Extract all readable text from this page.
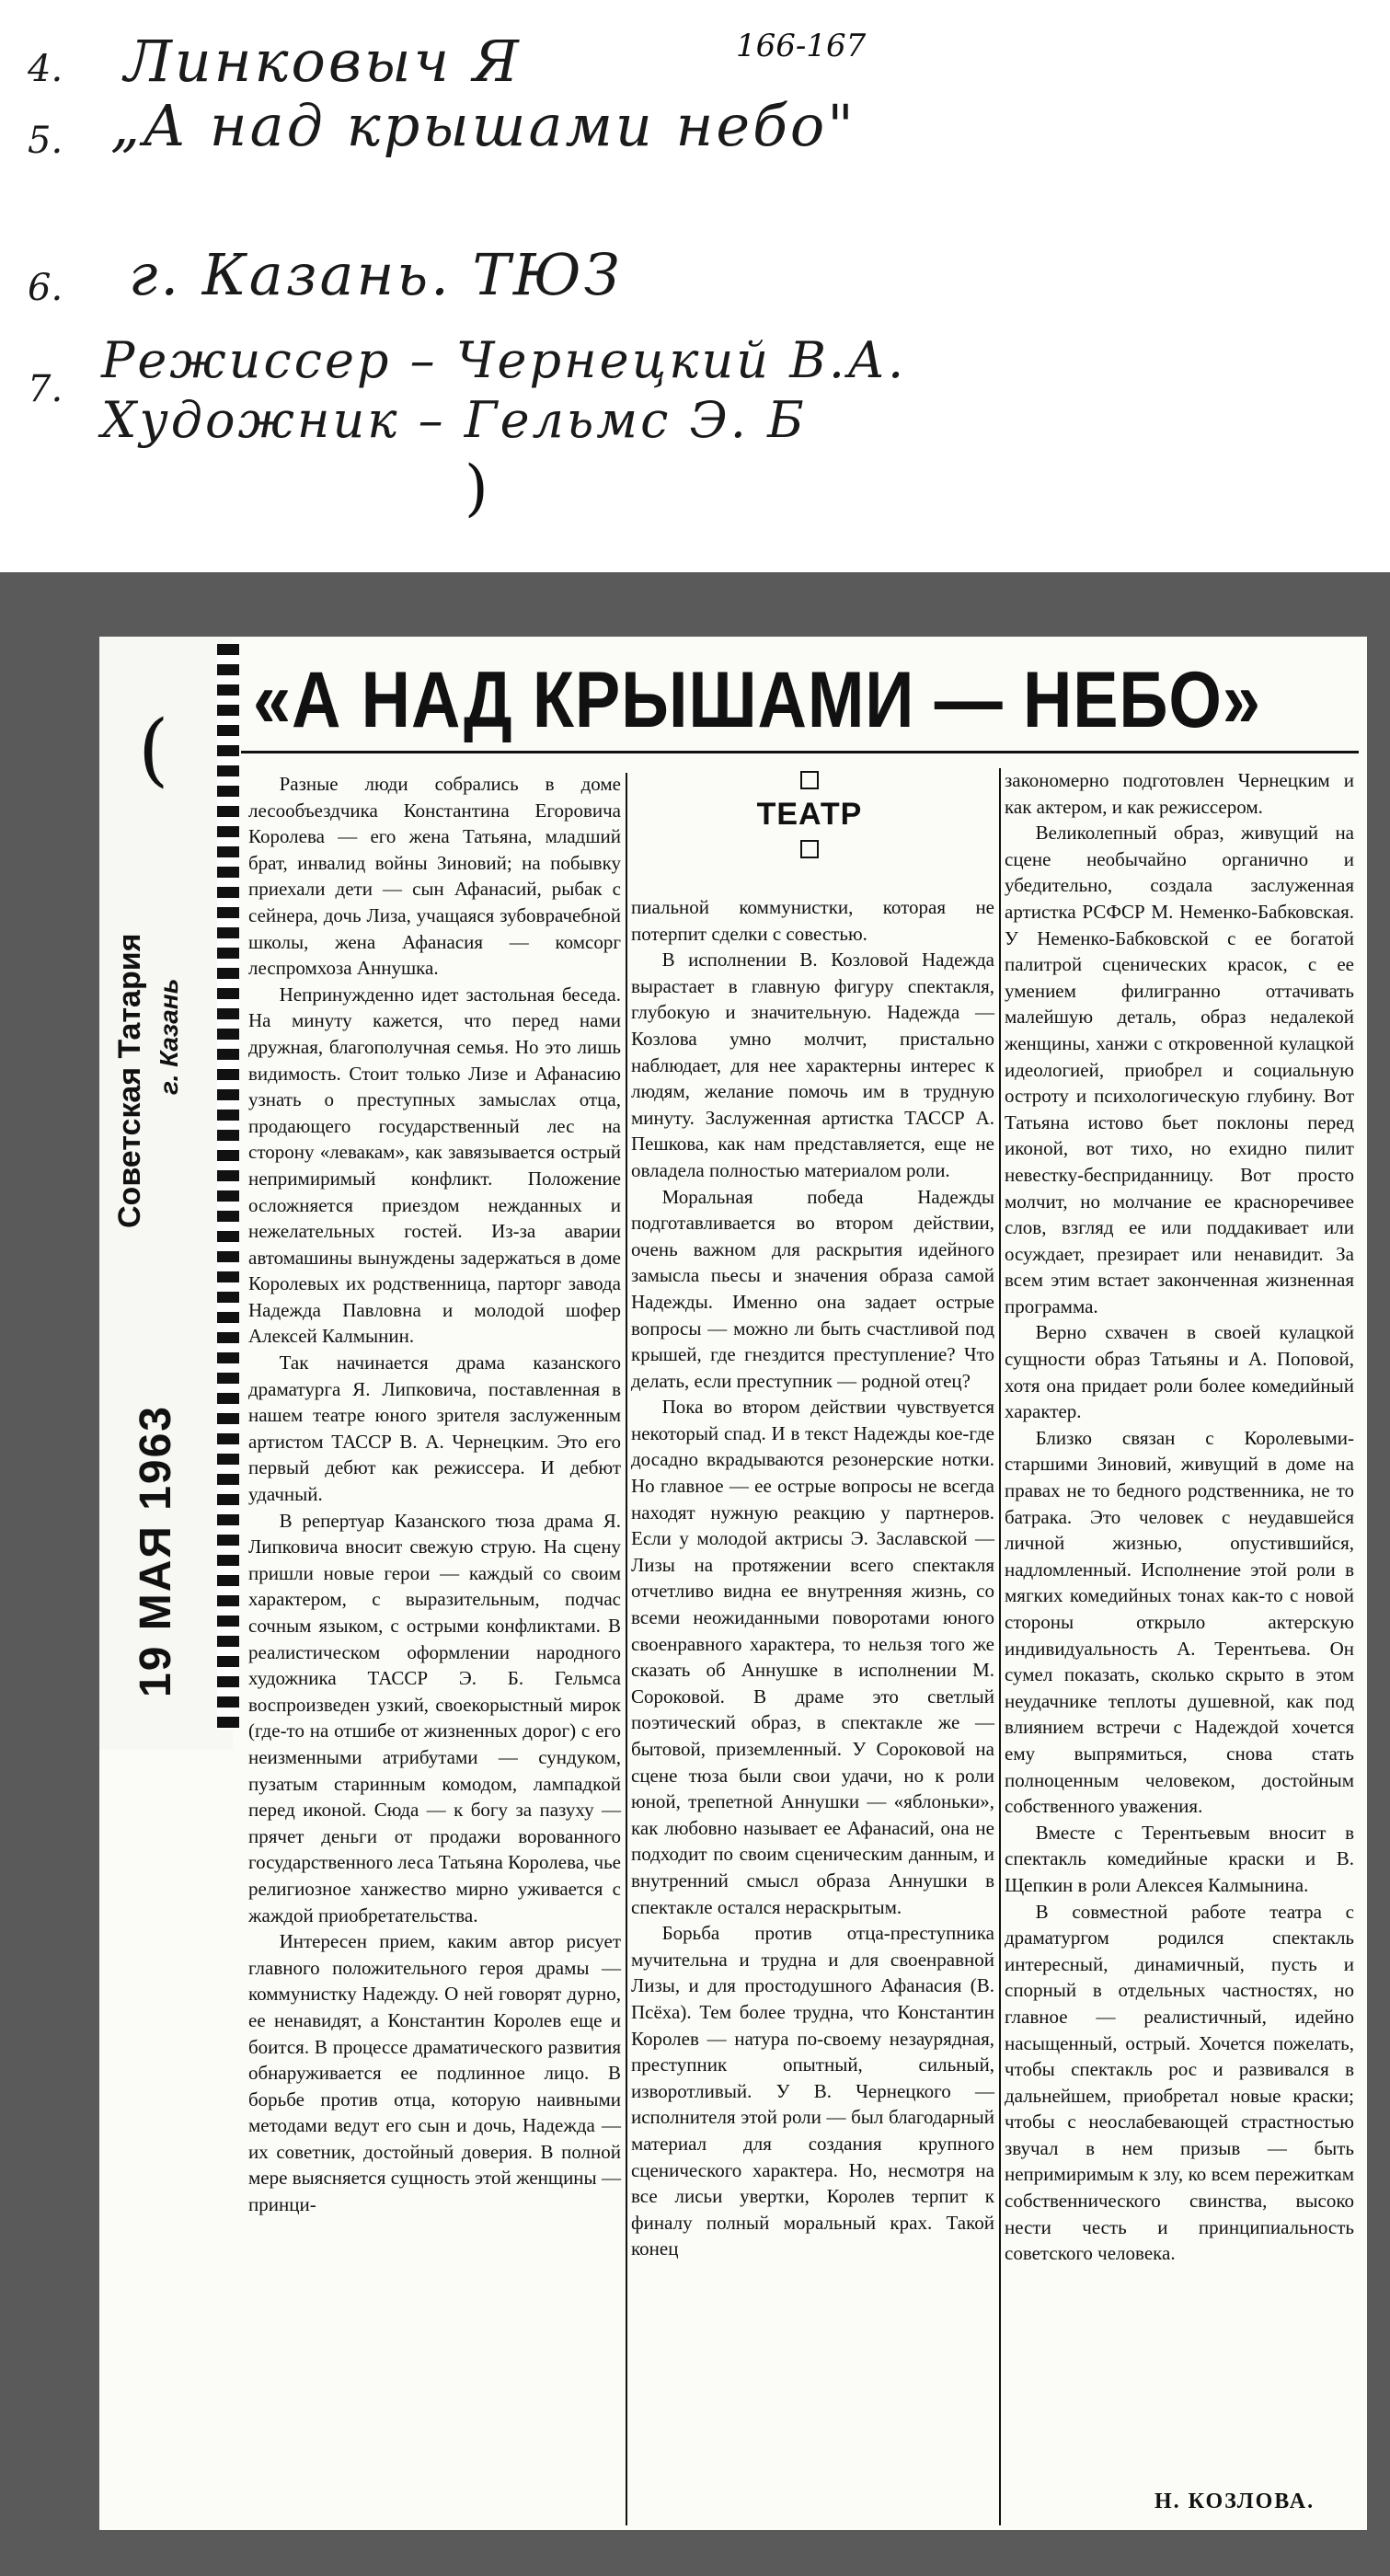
166-167
4. Линковыч Я
5. „А над крышами небо"
6. г. Казань. ТЮЗ
7. Режиссер – Чернецкий В.А.
Художник – Гельмс Э. Б
)
(
Советская Татария г. Казань
19 МАЯ 1963
«А НАД КРЫШАМИ — НЕБО»
ТЕАТР

Разные люди собрались в доме лесообъездчика Константина Егоровича Королева — его жена Татьяна, младший брат, инвалид войны Зиновий; на побывку приехали дети — сын Афанасий, рыбак с сейнера, дочь Лиза, учащаяся зубоврачебной школы, жена Афанасия — комсорг леспромхоза Аннушка.

Непринужденно идет застольная беседа. На минуту кажется, что перед нами дружная, благополучная семья. Но это лишь видимость. Стоит только Лизе и Афанасию узнать о преступных замыслах отца, продающего государственный лес на сторону «левакам», как завязывается острый непримиримый конфликт. Положение осложняется приездом нежданных и нежелательных гостей. Из-за аварии автомашины вынуждены задержаться в доме Королевых их родственница, парторг завода Надежда Павловна и молодой шофер Алексей Калмынин.

Так начинается драма казанского драматурга Я. Липковича, поставленная в нашем театре юного зрителя заслуженным артистом ТАССР В. А. Чернецким. Это его первый дебют как режиссера. И дебют удачный.

В репертуар Казанского тюза драма Я. Липковича вносит свежую струю. На сцену пришли новые герои — каждый со своим характером, с выразительным, подчас сочным языком, с острыми конфликтами. В реалистическом оформлении народного художника ТАССР Э. Б. Гельмса воспроизведен узкий, своекорыстный мирок (где-то на отшибе от жизненных дорог) с его неизменными атрибутами — сундуком, пузатым старинным комодом, лампадкой перед иконой. Сюда — к богу за пазуху — прячет деньги от продажи ворованного государственного леса Татьяна Королева, чье религиозное ханжество мирно уживается с жаждой приобретательства.

Интересен прием, каким автор рисует главного положительного героя драмы — коммунистку Надежду. О ней говорят дурно, ее ненавидят, а Константин Королев еще и боится. В процессе драматического развития обнаруживается ее подлинное лицо. В борьбе против отца, которую наивными методами ведут его сын и дочь, Надежда — их советник, достойный доверия. В полной мере выясняется сущность этой женщины — принци-

пиальной коммунистки, которая не потерпит сделки с совестью.

В исполнении В. Козловой Надежда вырастает в главную фигуру спектакля, глубокую и значительную. Надежда — Козлова умно молчит, пристально наблюдает, для нее характерны интерес к людям, желание помочь им в трудную минуту. Заслуженная артистка ТАССР А. Пешкова, как нам представляется, еще не овладела полностью материалом роли.

Моральная победа Надежды подготавливается во втором действии, очень важном для раскрытия идейного замысла пьесы и значения образа самой Надежды. Именно она задает острые вопросы — можно ли быть счастливой под крышей, где гнездится преступление? Что делать, если преступник — родной отец?

Пока во втором действии чувствуется некоторый спад. И в текст Надежды кое-где досадно вкрадываются резонерские нотки. Но главное — ее острые вопросы не всегда находят нужную реакцию у партнеров. Если у молодой актрисы Э. Заславской — Лизы на протяжении всего спектакля отчетливо видна ее внутренняя жизнь, со всеми неожиданными поворотами юного своенравного характера, то нельзя того же сказать об Аннушке в исполнении М. Сороковой. В драме это светлый поэтический образ, в спектакле же — бытовой, приземленный. У Сороковой на сцене тюза были свои удачи, но к роли юной, трепетной Аннушки — «яблоньки», как любовно называет ее Афанасий, она не подходит по своим сценическим данным, и внутренний смысл образа Аннушки в спектакле остался нераскрытым.

Борьба против отца-преступника мучительна и трудна и для своенравной Лизы, и для простодушного Афанасия (В. Псёха). Тем более трудна, что Константин Королев — натура по-своему незаурядная, преступник опытный, сильный, изворотливый. У В. Чернецкого — исполнителя этой роли — был благодарный материал для создания крупного сценического характера. Но, несмотря на все лисьи увертки, Королев терпит к финалу полный моральный крах. Такой конец

закономерно подготовлен Чернецким и как актером, и как режиссером.

Великолепный образ, живущий на сцене необычайно органично и убедительно, создала заслуженная артистка РСФСР М. Неменко-Бабковская. У Неменко-Бабковской с ее богатой палитрой сценических красок, с ее умением филигранно оттачивать малейшую деталь, образ недалекой женщины, ханжи с откровенной кулацкой идеологией, приобрел и социальную остроту и психологическую глубину. Вот Татьяна истово бьет поклоны перед иконой, вот тихо, но ехидно пилит невестку-бесприданницу. Вот просто молчит, но молчание ее красноречивее слов, взгляд ее или поддакивает или осуждает, презирает или ненавидит. За всем этим встает законченная жизненная программа.

Верно схвачен в своей кулацкой сущности образ Татьяны и А. Поповой, хотя она придает роли более комедийный характер.

Близко связан с Королевыми-старшими Зиновий, живущий в доме на правах не то бедного родственника, не то батрака. Это человек с неудавшейся личной жизнью, опустившийся, надломленный. Исполнение этой роли в мягких комедийных тонах как-то с новой стороны открыло актерскую индивидуальность А. Терентьева. Он сумел показать, сколько скрыто в этом неудачнике теплоты душевной, как под влиянием встречи с Надеждой хочется ему выпрямиться, снова стать полноценным человеком, достойным собственного уважения.

Вместе с Терентьевым вносит в спектакль комедийные краски и В. Щепкин в роли Алексея Калмынина.

В совместной работе театра с драматургом родился спектакль интересный, динамичный, пусть и спорный в отдельных частностях, но главное — реалистичный, идейно насыщенный, острый. Хочется пожелать, чтобы спектакль рос и развивался в дальнейшем, приобретал новые краски; чтобы с неослабевающей страстностью звучал в нем призыв — быть непримиримым к злу, ко всем пережиткам собственнического свинства, высоко нести честь и принципиальность советского человека.

Н. КОЗЛОВА.
